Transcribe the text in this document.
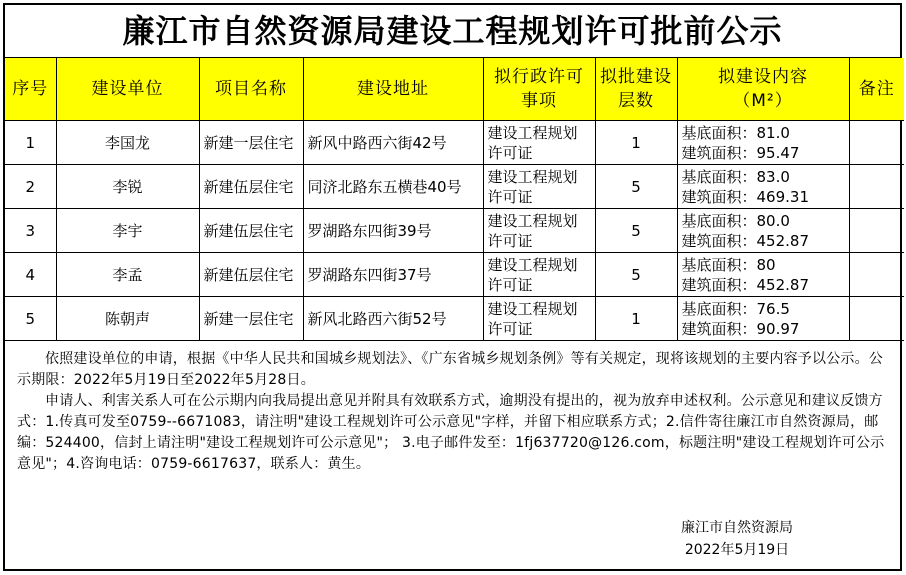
廉江市自然资源局建设工程规划许可批前公示
序号	建设单位	项目名称	建设地址	拟行政许可事项	拟批建设层数	拟建设内容
（M²）	备注
1	李国龙	新建一层住宅	新风中路西六街42号	建设工程规划许可证	1	基底面积：81.0
建筑面积：95.47	

2	李锐	新建伍层住宅	同济北路东五横巷40号	建设工程规划许可证	5	基底面积：83.0
建筑面积：469.31	

3	李宇	新建伍层住宅	罗湖路东四街39号	建设工程规划许可证	5	基底面积：80.0
建筑面积：452.87	

4	李孟	新建伍层住宅	罗湖路东四街37号	建设工程规划许可证	5	基底面积：80
建筑面积：452.87	

5	陈朝声	新建一层住宅	新风北路西六街52号	建设工程规划许可证	1	基底面积：76.5
建筑面积：90.97	

依照建设单位的申请，根据《中华人民共和国城乡规划法》、《广东省城乡规划条例》等有关规定，现将该规划的主要内容予以公示。公示期限：2022年5月19日至2022年5月28日。

申请人、利害关系人可在公示期内向我局提出意见并附具有效联系方式，逾期没有提出的，视为放弃申述权利。公示意见和建议反馈方式：1.传真可发至0759--6671083，请注明"建设工程规划许可公示意见"字样，并留下相应联系方式；2.信件寄往廉江市自然资源局，邮编：524400，信封上请注明"建设工程规划许可公示意见"； 3.电子邮件发至：1fj637720@126.com，标题注明"建设工程规划许可公示意见"；4.咨询电话：0759-6617637，联系人：黄生。

廉江市自然资源局
2022年5月19日
